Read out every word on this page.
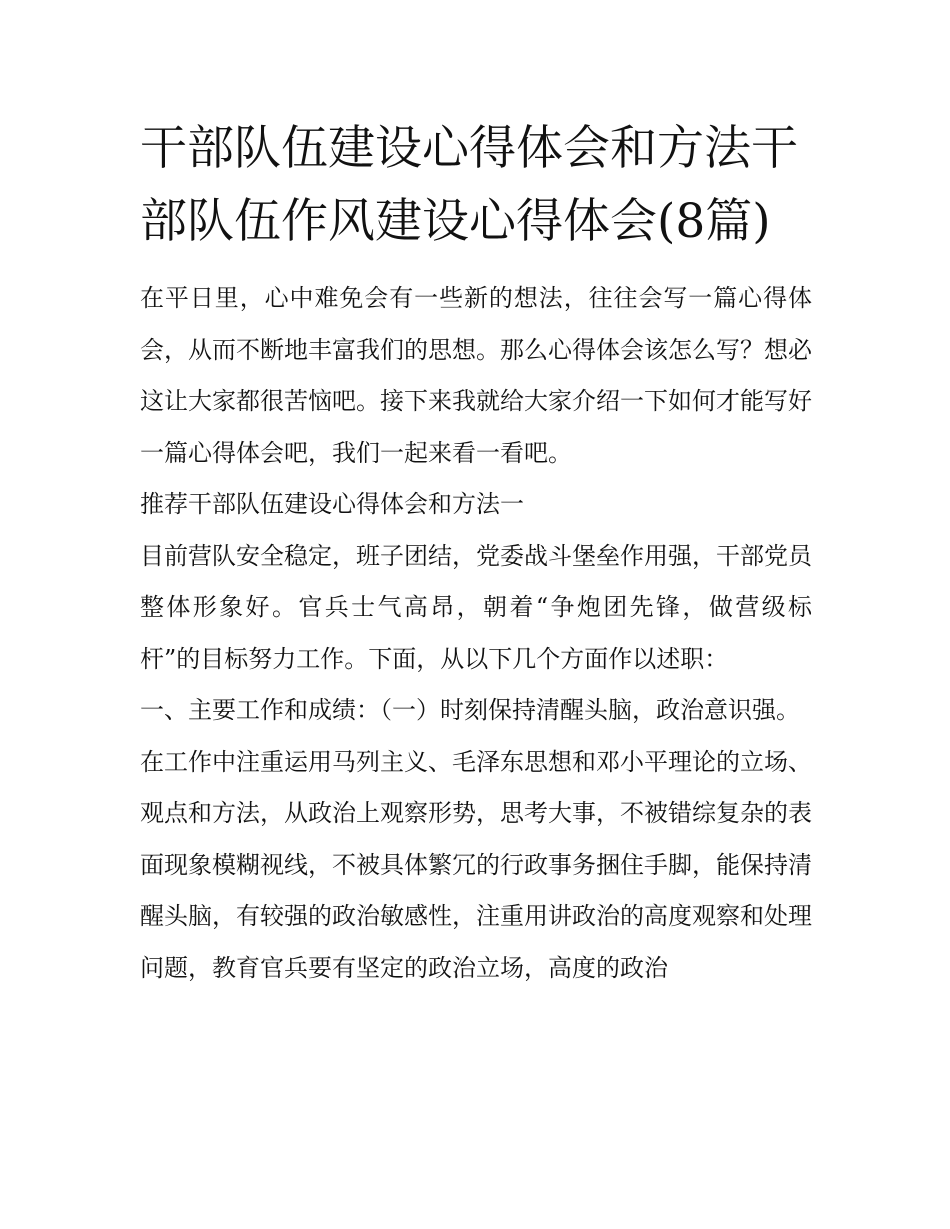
干部队伍建设心得体会和方法干部队伍作风建设心得体会(8篇)

在平日里，心中难免会有一些新的想法，往往会写一篇心得体会，从而不断地丰富我们的思想。那么心得体会该怎么写？想必这让大家都很苦恼吧。接下来我就给大家介绍一下如何才能写好一篇心得体会吧，我们一起来看一看吧。

推荐干部队伍建设心得体会和方法一

目前营队安全稳定，班子团结，党委战斗堡垒作用强，干部党员整体形象好。官兵士气高昂，朝着“争炮团先锋，做营级标杆”的目标努力工作。下面，从以下几个方面作以述职：

一、主要工作和成绩：（一）时刻保持清醒头脑，政治意识强。

在工作中注重运用马列主义、毛泽东思想和邓小平理论的立场、观点和方法，从政治上观察形势，思考大事，不被错综复杂的表面现象模糊视线，不被具体繁冗的行政事务捆住手脚，能保持清醒头脑，有较强的政治敏感性，注重用讲政治的高度观察和处理问题，教育官兵要有坚定的政治立场，高度的政治
